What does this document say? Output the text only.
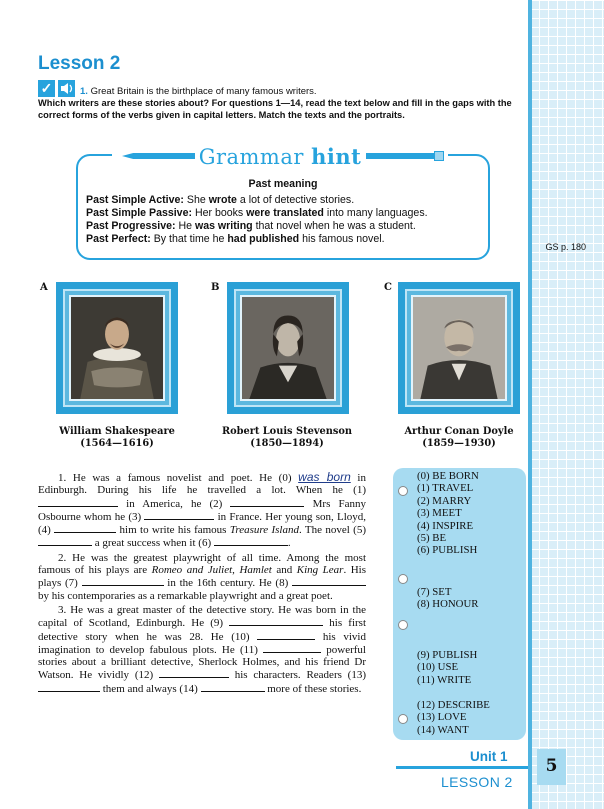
Lesson 2
✓	1. Great Britain is the birthplace of many famous writers.

Which writers are these stories about? For questions 1—14, read the text below and fill in the gaps with the correct forms of the verbs given in capital letters. Match the texts and the portraits.

Grammar hint
Past meaning
Past Simple Active: She wrote a lot of detective stories.
Past Simple Passive: Her books were translated into many languages.
Past Progressive: He was writing that novel when he was a student.
Past Perfect: By that time he had published his famous novel.
GS p. 180
A	B	C
William Shakespeare
(1564—1616)
Robert Louis Stevenson
(1850—1894)
Arthur Conan Doyle
(1859—1930)

1. He was a famous novelist and poet. He (0) was born in Edinburgh. During his life he travelled a lot. When he (1)  in America, he (2)	Mrs Fanny Osbourne whom he (3)	in France. Her young son, Lloyd, (4)	him to write his famous Treasure Island. The novel (5)  a great success when it (6)	.

2. He was the greatest playwright of all time. Among the most famous of his plays are Romeo and Juliet, Hamlet and King Lear. His plays (7)	in the 16th century. He (8)  by his contemporaries as a remarkable playwright and a great poet.

3. He was a great master of the detective story. He was born in the capital of Scotland, Edinburgh. He (9)	his first detective story when he was 28. He (10)	his vivid imagination to develop fabulous plots. He (11)	powerful stories about a brilliant detective, Sherlock Holmes, and his friend Dr Watson. He vividly (12)	his characters. Readers (13)  them and always (14)	more of these stories.

(0) BE BORN
(1) TRAVEL
(2) MARRY
(3) MEET
(4) INSPIRE
(5) BE
(6) PUBLISH
(7) SET
(8) HONOUR
(9) PUBLISH
(10) USE
(11) WRITE
(12) DESCRIBE
(13) LOVE
(14) WANT
Unit 1
LESSON 2
5
